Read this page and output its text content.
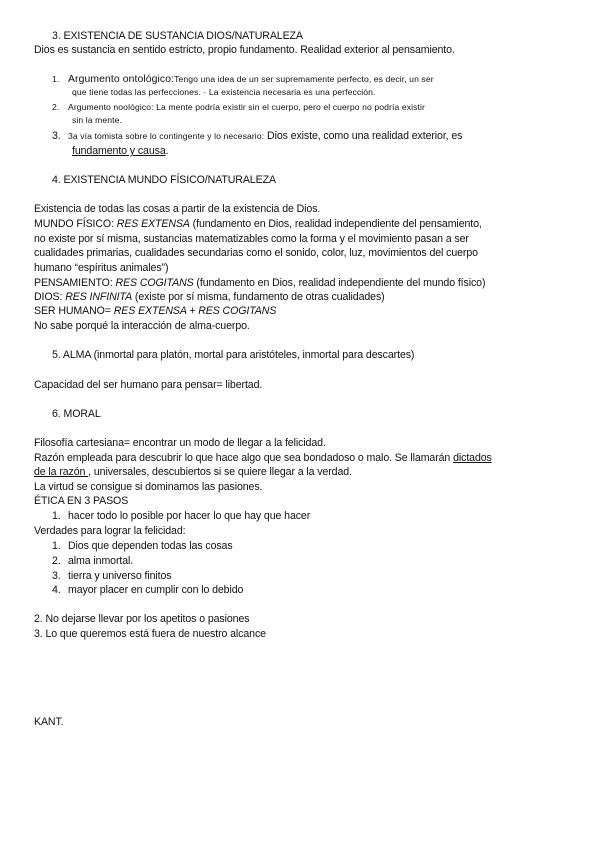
3. EXISTENCIA DE SUSTANCIA DIOS/NATURALEZA
Dios es sustancia en sentido estricto, propio fundamento. Realidad exterior al pensamiento.
1. Argumento ontológico:Tengo una idea de un ser supremamente perfecto, es decir, un ser
que tiene todas las perfecciones. · La existencia necesaria es una perfección.
2. Argumento noológico: La mente podría existir sin el cuerpo, pero el cuerpo no podría existir
sin la mente.
3. 3a vía tomista sobre lo contingente y lo necesario: Dios existe, como una realidad exterior, es
fundamento y causa.
4. EXISTENCIA MUNDO FÍSICO/NATURALEZA
Existencia de todas las cosas a partir de la existencia de Dios.
MUNDO FÍSICO: RES EXTENSA (fundamento en Dios, realidad independiente del pensamiento,
no existe por sí misma, sustancias matematizables como la forma y el movimiento pasan a ser
cualidades primarias, cualidades secundarias como el sonido, color, luz, movimientos del cuerpo
humano “espíritus animales”)
PENSAMIENTO: RES COGITANS (fundamento en Dios, realidad independiente del mundo físico)
DIOS: RES INFINITA (existe por sí misma, fundamento de otras cualidades)
SER HUMANO= RES EXTENSA + RES COGITANS
No sabe porqué la interacción de alma-cuerpo.
5. ALMA (inmortal para platón, mortal para aristóteles, inmortal para descartes)
Capacidad del ser humano para pensar= libertad.
6. MORAL
Filosofía cartesiana= encontrar un modo de llegar a la felicidad.
Razón empleada para descubrir lo que hace algo que sea bondadoso o malo. Se llamarán dictados
de la razón , universales, descubiertos si se quiere llegar a la verdad.
La virtud se consigue si dominamos las pasiones.
ÉTICA EN 3 PASOS
1. hacer todo lo posible por hacer lo que hay que hacer
Verdades para lograr la felicidad:
1. Dios que dependen todas las cosas
2. alma inmortal.
3. tierra y universo finitos
4. mayor placer en cumplir con lo debido
2. No dejarse llevar por los apetitos o pasiones
3. Lo que queremos está fuera de nuestro alcance
KANT.
